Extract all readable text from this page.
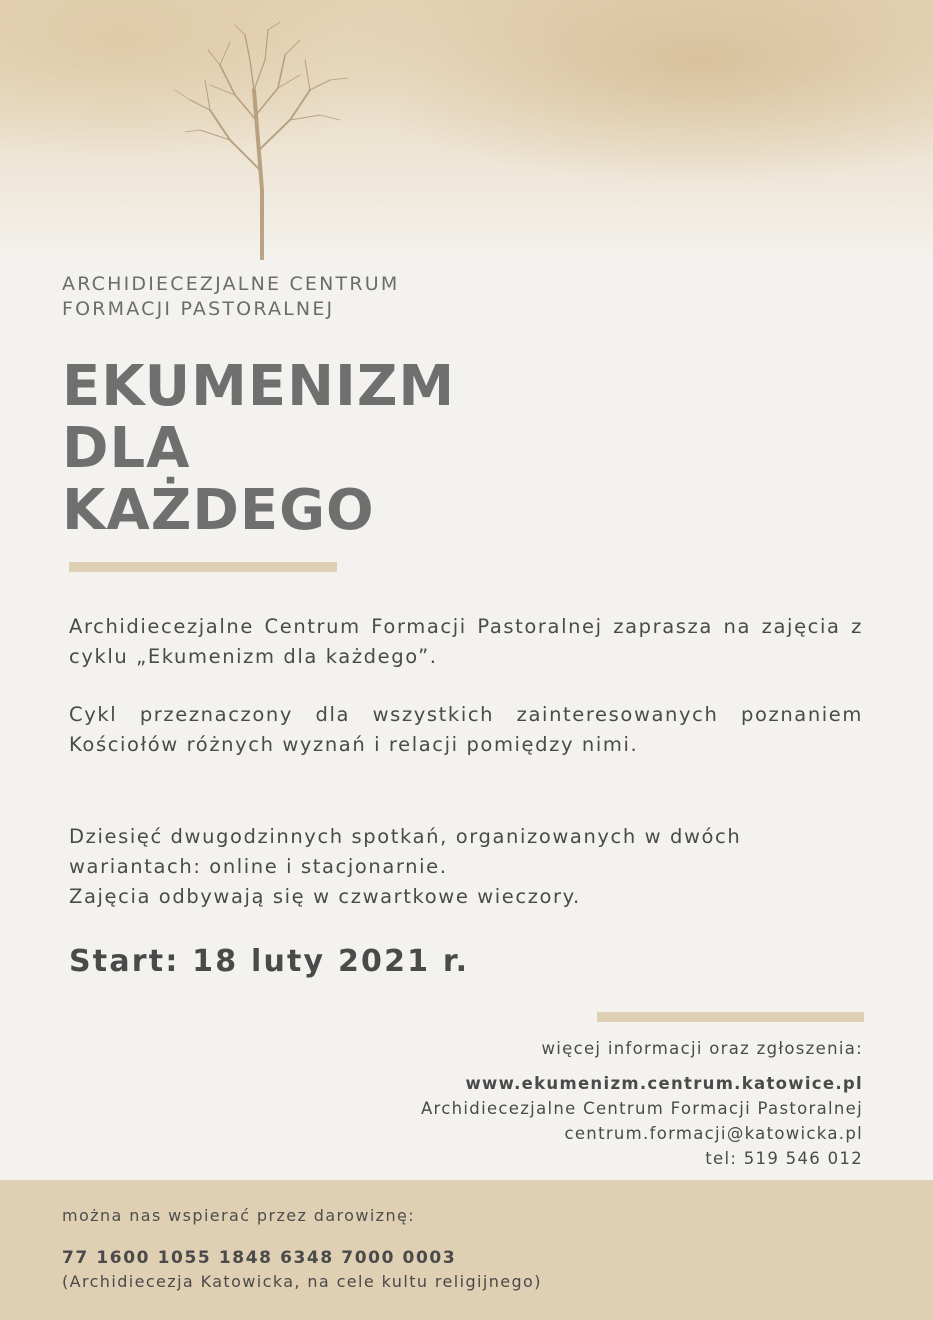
ARCHIDIECEZJALNE CENTRUM
FORMACJI PASTORALNEJ
EKUMENIZM
DLA
KAŻDEGO
Archidiecezjalne Centrum Formacji Pastoralnej zaprasza na zajęcia z cyklu „Ekumenizm dla każdego”.
Cykl przeznaczony dla wszystkich zainteresowanych poznaniem Kościołów różnych wyznań i relacji pomiędzy nimi.
Dziesięć dwugodzinnych spotkań, organizowanych w dwóch wariantach: online i stacjonarnie.
Zajęcia odbywają się w czwartkowe wieczory.
Start: 18 luty 2021 r.
więcej informacji oraz zgłoszenia:
www.ekumenizm.centrum.katowice.pl
Archidiecezjalne Centrum Formacji Pastoralnej
centrum.formacji@katowicka.pl
tel: 519 546 012
można nas wspierać przez darowiznę:
77 1600 1055 1848 6348 7000 0003
(Archidiecezja Katowicka, na cele kultu religijnego)
